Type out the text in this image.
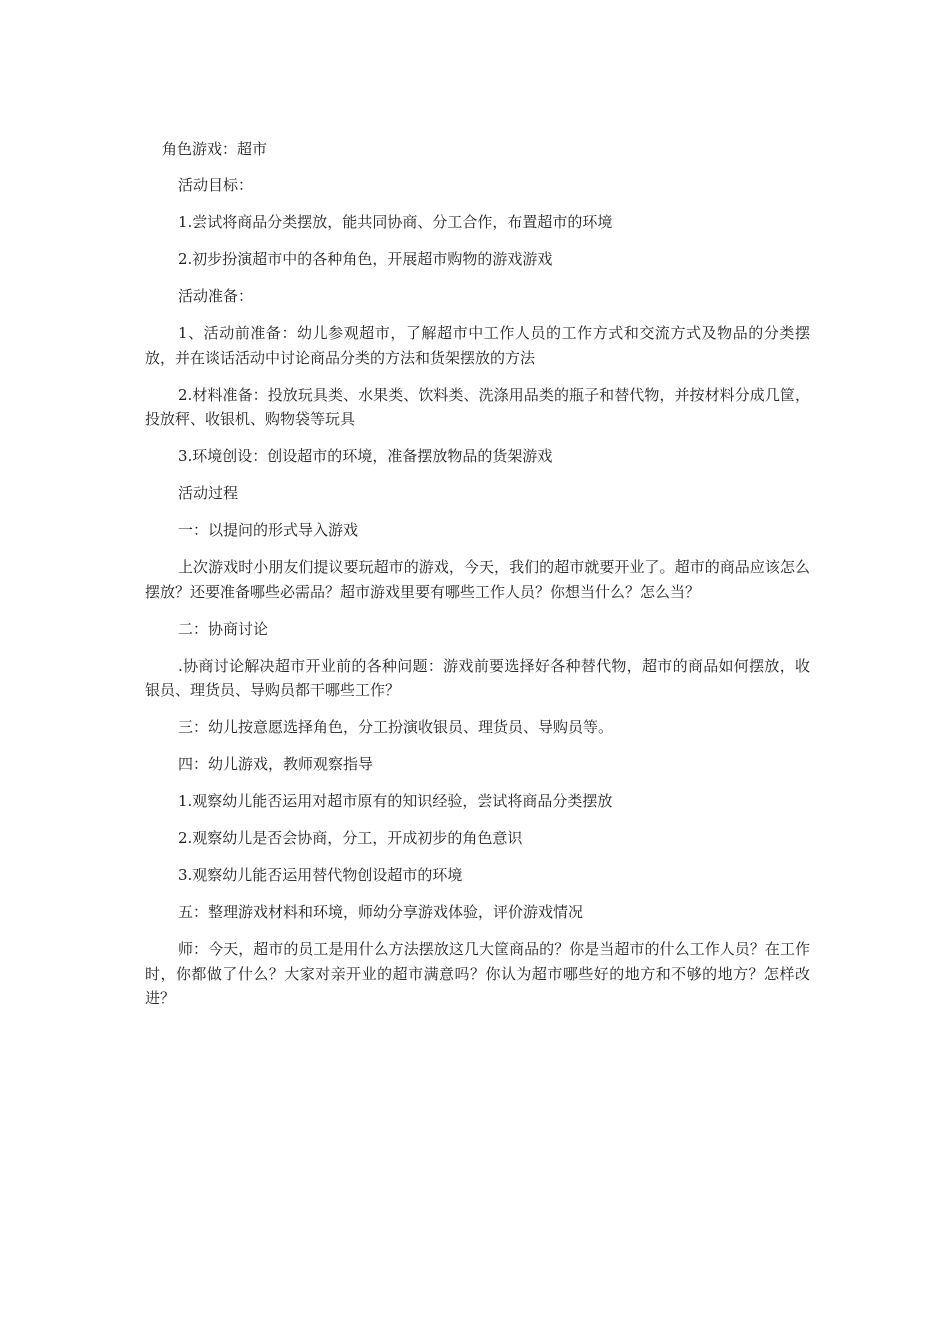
角色游戏：超市

活动目标：

1.尝试将商品分类摆放，能共同协商、分工合作，布置超市的环境

2.初步扮演超市中的各种角色，开展超市购物的游戏游戏

活动准备：

1、活动前准备：幼儿参观超市，了解超市中工作人员的工作方式和交流方式及物品的分类摆放，并在谈话活动中讨论商品分类的方法和货架摆放的方法

2.材料准备：投放玩具类、水果类、饮料类、洗涤用品类的瓶子和替代物，并按材料分成几筐，投放秤、收银机、购物袋等玩具

3.环境创设：创设超市的环境，准备摆放物品的货架游戏

活动过程

一：以提问的形式导入游戏

上次游戏时小朋友们提议要玩超市的游戏，今天，我们的超市就要开业了。超市的商品应该怎么摆放？还要准备哪些必需品？超市游戏里要有哪些工作人员？你想当什么？怎么当？

二：协商讨论

.协商讨论解决超市开业前的各种问题：游戏前要选择好各种替代物，超市的商品如何摆放，收银员、理货员、导购员都干哪些工作？

三：幼儿按意愿选择角色，分工扮演收银员、理货员、导购员等。

四：幼儿游戏，教师观察指导

1.观察幼儿能否运用对超市原有的知识经验，尝试将商品分类摆放

2.观察幼儿是否会协商，分工，开成初步的角色意识

3.观察幼儿能否运用替代物创设超市的环境

五：整理游戏材料和环境，师幼分享游戏体验，评价游戏情况

师：今天，超市的员工是用什么方法摆放这几大筐商品的？你是当超市的什么工作人员？在工作时，你都做了什么？大家对亲开业的超市满意吗？你认为超市哪些好的地方和不够的地方？怎样改进？
